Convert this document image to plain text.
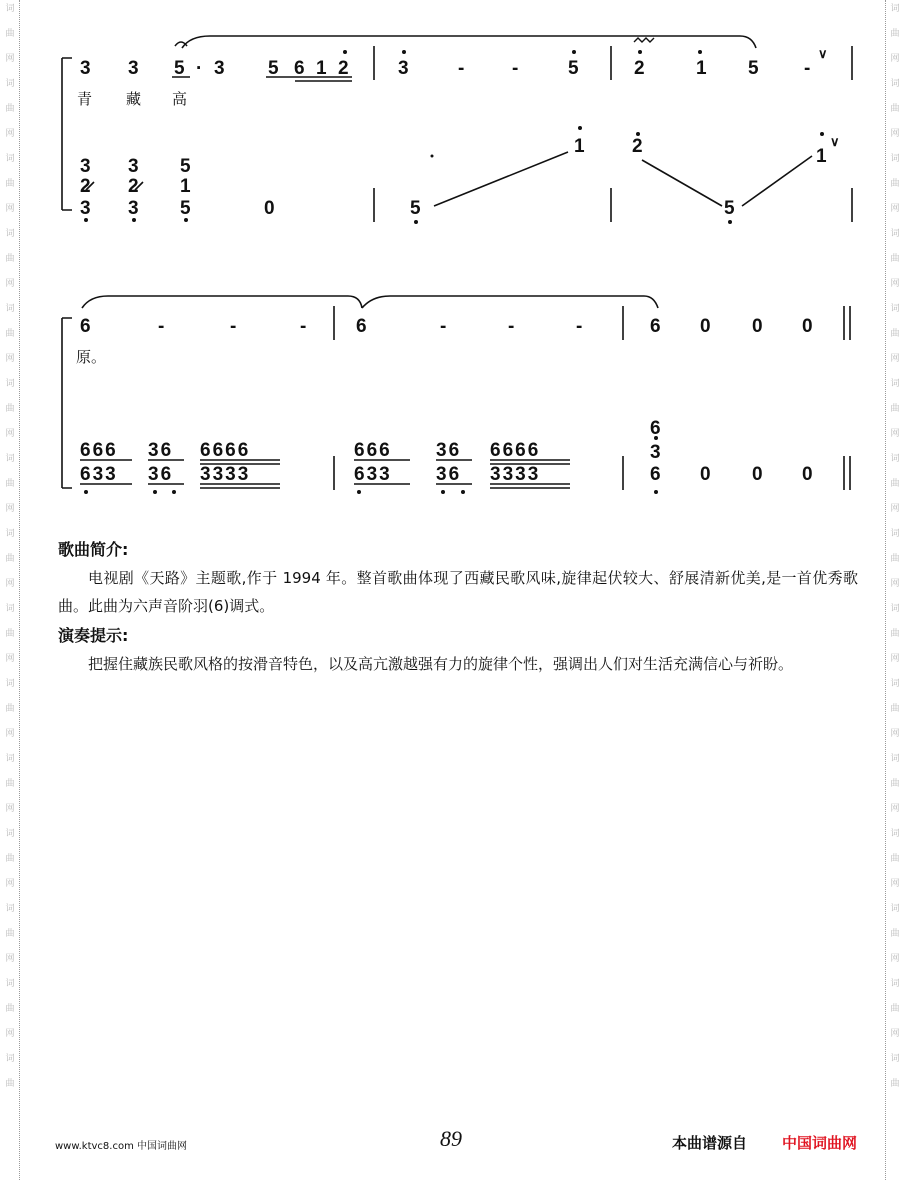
词
曲
网
词
曲
网
词
曲
网
词
曲
网
词
曲
网
词
曲
网
词
曲
网
词
曲
网
词
曲
网
词
曲
网
词
曲
网
词
曲
网
词
曲
网
词
曲
网
词
曲
词
曲
网
词
曲
网
词
曲
网
词
曲
网
词
曲
网
词
曲
网
词
曲
网
词
曲
网
词
曲
网
词
曲
网
词
曲
网
词
曲
网
词
曲
网
词
曲
网
词
曲
3 3 5 · 3 5 6 1 2	3	-	-	5	2	1 5 -
∨
青 藏 高
3 3 5
2 2 1
3 3 5	0	5
1 2
5
1
∨
6	-	-	-	6	-	-	-	6 0 0 0
原。
666 36 6666	666 36 6666
633 36 3333	633 36 3333
6
3
6 0 0 0

歌曲简介:

电视剧《天路》主题歌,作于 1994 年。整首歌曲体现了西藏民歌风味,旋律起伏较大、舒展清新优美,是一首优秀歌曲。此曲为六声音阶羽(6)调式。

演奏提示:

把握住藏族民歌风格的按滑音特色，以及高亢激越强有力的旋律个性，强调出人们对生活充满信心与祈盼。

www.ktvc8.com 中国词曲网	89	本曲谱源自 中国词曲网
